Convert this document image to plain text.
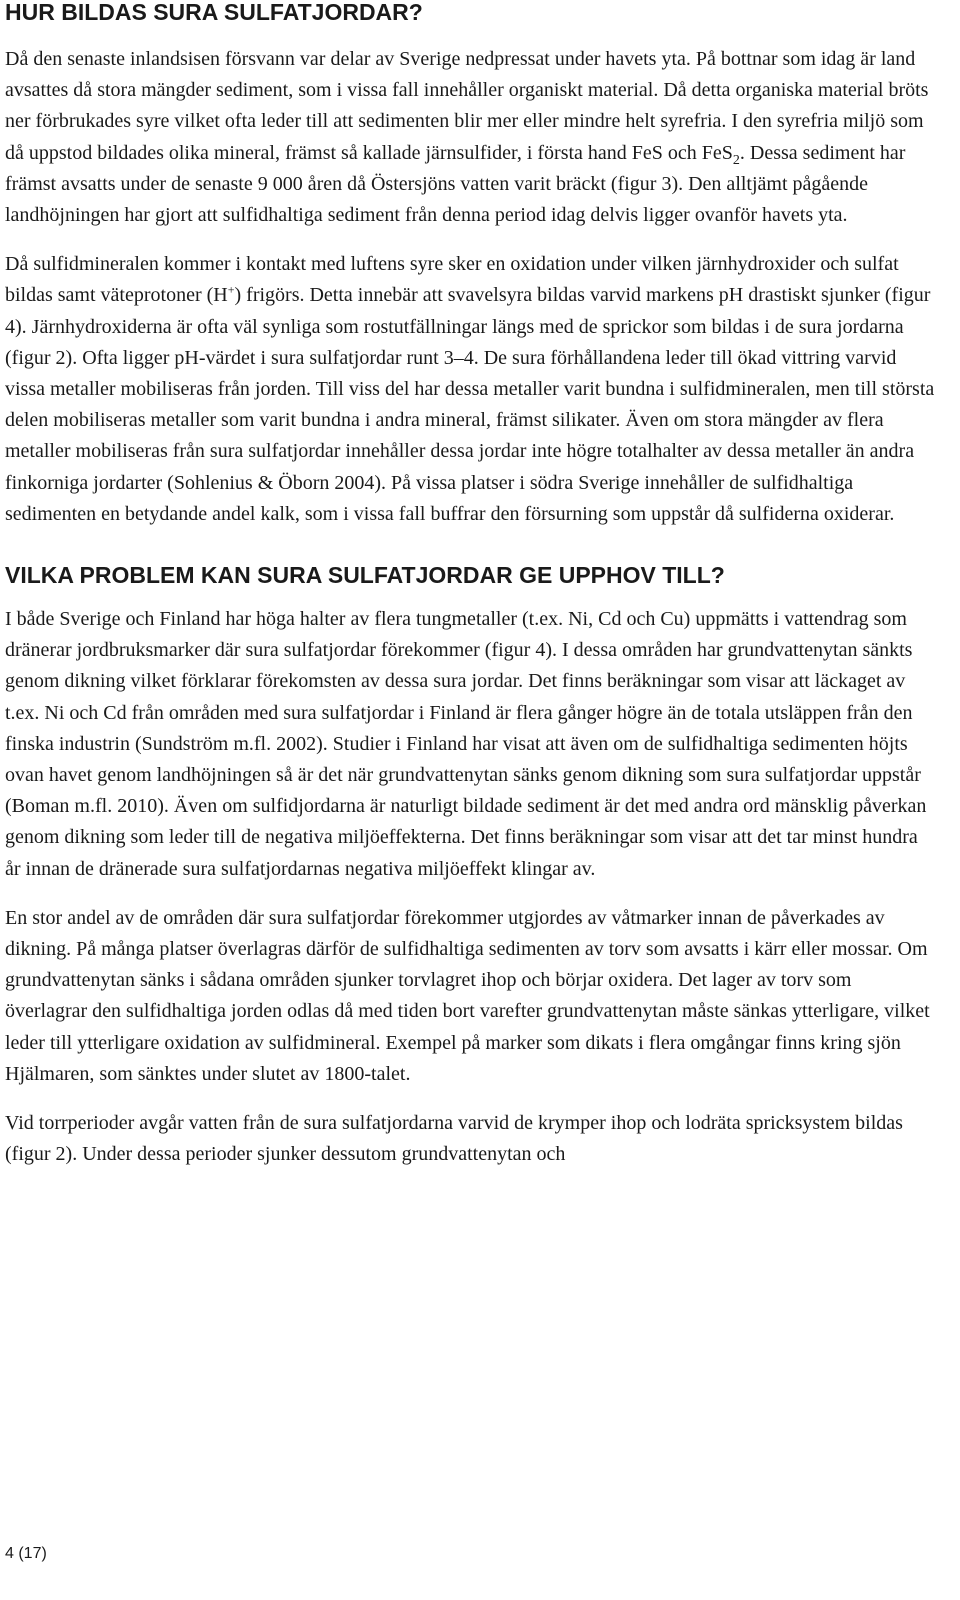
HUR BILDAS SURA SULFATJORDAR?

Då den senaste inlandsisen försvann var delar av Sverige nedpressat under havets yta. På bottnar som idag är land avsattes då stora mängder sediment, som i vissa fall innehåller organiskt material. Då detta organiska material bröts ner förbrukades syre vilket ofta leder till att sedimenten blir mer eller mindre helt syrefria. I den syrefria miljö som då uppstod bildades olika mineral, främst så kallade järnsulfider, i första hand FeS och FeS$_2$. Dessa sediment har främst avsatts under de senaste 9 000 åren då Östersjöns vatten varit bräckt (figur 3). Den alltjämt pågående landhöjningen har gjort att sulfidhaltiga sediment från denna period idag delvis ligger ovanför havets yta.

Då sulfidmineralen kommer i kontakt med luftens syre sker en oxidation under vilken järnhydroxider och sulfat bildas samt väteprotoner (H+) frigörs. Detta innebär att svavelsyra bildas varvid markens pH drastiskt sjunker (figur 4). Järnhydroxiderna är ofta väl synliga som rostutfällningar längs med de sprickor som bildas i de sura jordarna (figur 2). Ofta ligger pH-värdet i sura sulfatjordar runt 3–4. De sura förhållandena leder till ökad vittring varvid vissa metaller mobiliseras från jorden. Till viss del har dessa metaller varit bundna i sulfidmineralen, men till största delen mobiliseras metaller som varit bundna i andra mineral, främst silikater. Även om stora mängder av flera metaller mobiliseras från sura sulfatjordar innehåller dessa jordar inte högre totalhalter av dessa metaller än andra finkorniga jordarter (Sohlenius & Öborn 2004). På vissa platser i södra Sverige innehåller de sulfidhaltiga sedimenten en betydande andel kalk, som i vissa fall buffrar den försurning som uppstår då sulfiderna oxiderar.

VILKA PROBLEM KAN SURA SULFATJORDAR GE UPPHOV TILL?

I både Sverige och Finland har höga halter av flera tungmetaller (t.ex. Ni, Cd och Cu) uppmätts i vattendrag som dränerar jordbruksmarker där sura sulfatjordar förekommer (figur 4). I dessa områden har grundvattenytan sänkts genom dikning vilket förklarar förekomsten av dessa sura jordar. Det finns beräkningar som visar att läckaget av t.ex. Ni och Cd från områden med sura sulfatjordar i Finland är flera gånger högre än de totala utsläppen från den finska industrin (Sundström m.fl. 2002). Studier i Finland har visat att även om de sulfidhaltiga sedimenten höjts ovan havet genom landhöjningen så är det när grundvattenytan sänks genom dikning som sura sulfatjordar uppstår (Boman m.fl. 2010). Även om sulfidjordarna är naturligt bildade sediment är det med andra ord mänsklig påverkan genom dikning som leder till de negativa miljöeffekterna. Det finns beräkningar som visar att det tar minst hundra år innan de dränerade sura sulfatjordarnas negativa miljöeffekt klingar av.

En stor andel av de områden där sura sulfatjordar förekommer utgjordes av våtmarker innan de påverkades av dikning. På många platser överlagras därför de sulfidhaltiga sedimenten av torv som avsatts i kärr eller mossar. Om grundvattenytan sänks i sådana områden sjunker torvlagret ihop och börjar oxidera. Det lager av torv som överlagrar den sulfidhaltiga jorden odlas då med tiden bort varefter grundvattenytan måste sänkas ytterligare, vilket leder till ytterligare oxidation av sulfidmineral. Exempel på marker som dikats i flera omgångar finns kring sjön Hjälmaren, som sänktes under slutet av 1800-talet.

Vid torrperioder avgår vatten från de sura sulfatjordarna varvid de krymper ihop och lodräta spricksystem bildas (figur 2). Under dessa perioder sjunker dessutom grundvattenytan och

4 (17)
